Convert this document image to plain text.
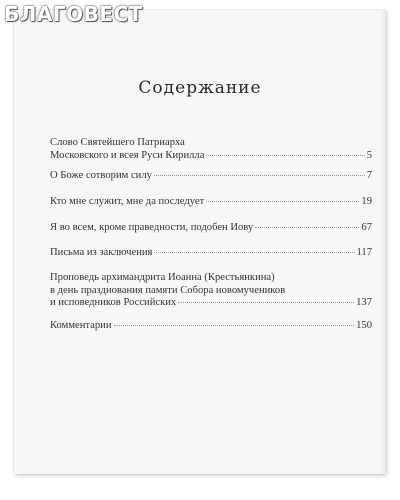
БЛАГОВЕСТ
Содержание
Слово Святейшего Патриарха
Московского и всея Руси Кирилла	5
О Боже сотворим силу	7
Кто мне служит, мне да последует	19
Я во всем, кроме праведности, подобен Иову	67
Письма из заключения	117
Проповедь архимандрита Иоанна (Крестьянкина)
в день празднования памяти Собора новомучеников
и исповедников Российских	137
Комментарии	150
